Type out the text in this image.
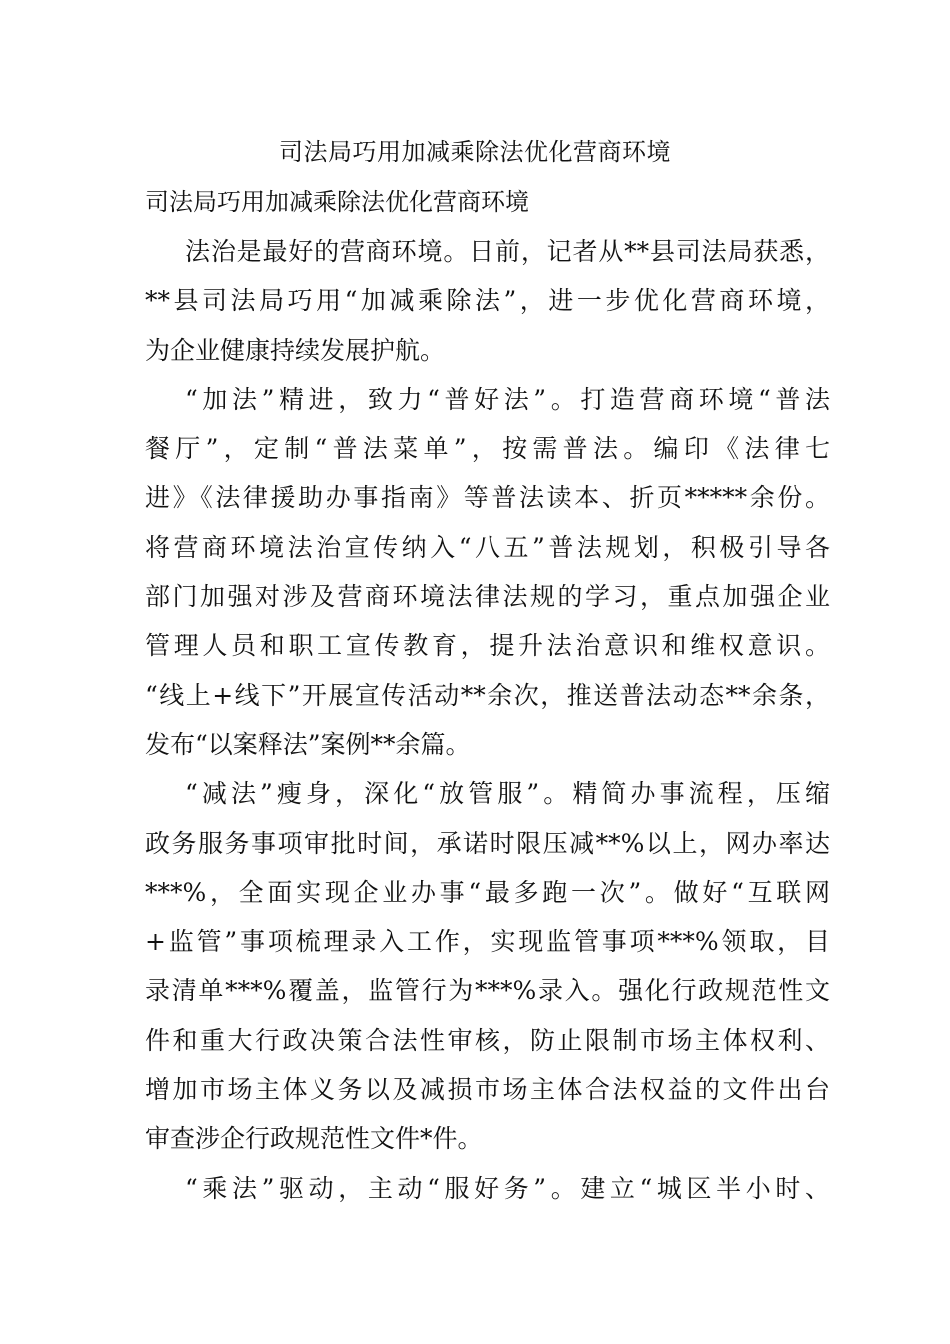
司法局巧用加减乘除法优化营商环境
司法局巧用加减乘除法优化营商环境
法治是最好的营商环境。日前，记者从**县司法局获悉，
**县司法局巧用“加减乘除法”，进一步优化营商环境，
为企业健康持续发展护航。
“加法”精进，致力“普好法”。打造营商环境“普法
餐厅”，定制“普法菜单”，按需普法。编印《法律七
进》《法律援助办事指南》等普法读本、折页*****余份。
将营商环境法治宣传纳入“八五”普法规划，积极引导各
部门加强对涉及营商环境法律法规的学习，重点加强企业
管理人员和职工宣传教育，提升法治意识和维权意识。
“线上+线下”开展宣传活动**余次，推送普法动态**余条，
发布“以案释法”案例**余篇。
“减法”瘦身，深化“放管服”。精简办事流程，压缩
政务服务事项审批时间，承诺时限压减**%以上，网办率达
***%，全面实现企业办事“最多跑一次”。做好“互联网
+监管”事项梳理录入工作，实现监管事项***%领取，目
录清单***%覆盖，监管行为***%录入。强化行政规范性文
件和重大行政决策合法性审核，防止限制市场主体权利、
增加市场主体义务以及减损市场主体合法权益的文件出台
审查涉企行政规范性文件*件。
“乘法”驱动，主动“服好务”。建立“城区半小时、
